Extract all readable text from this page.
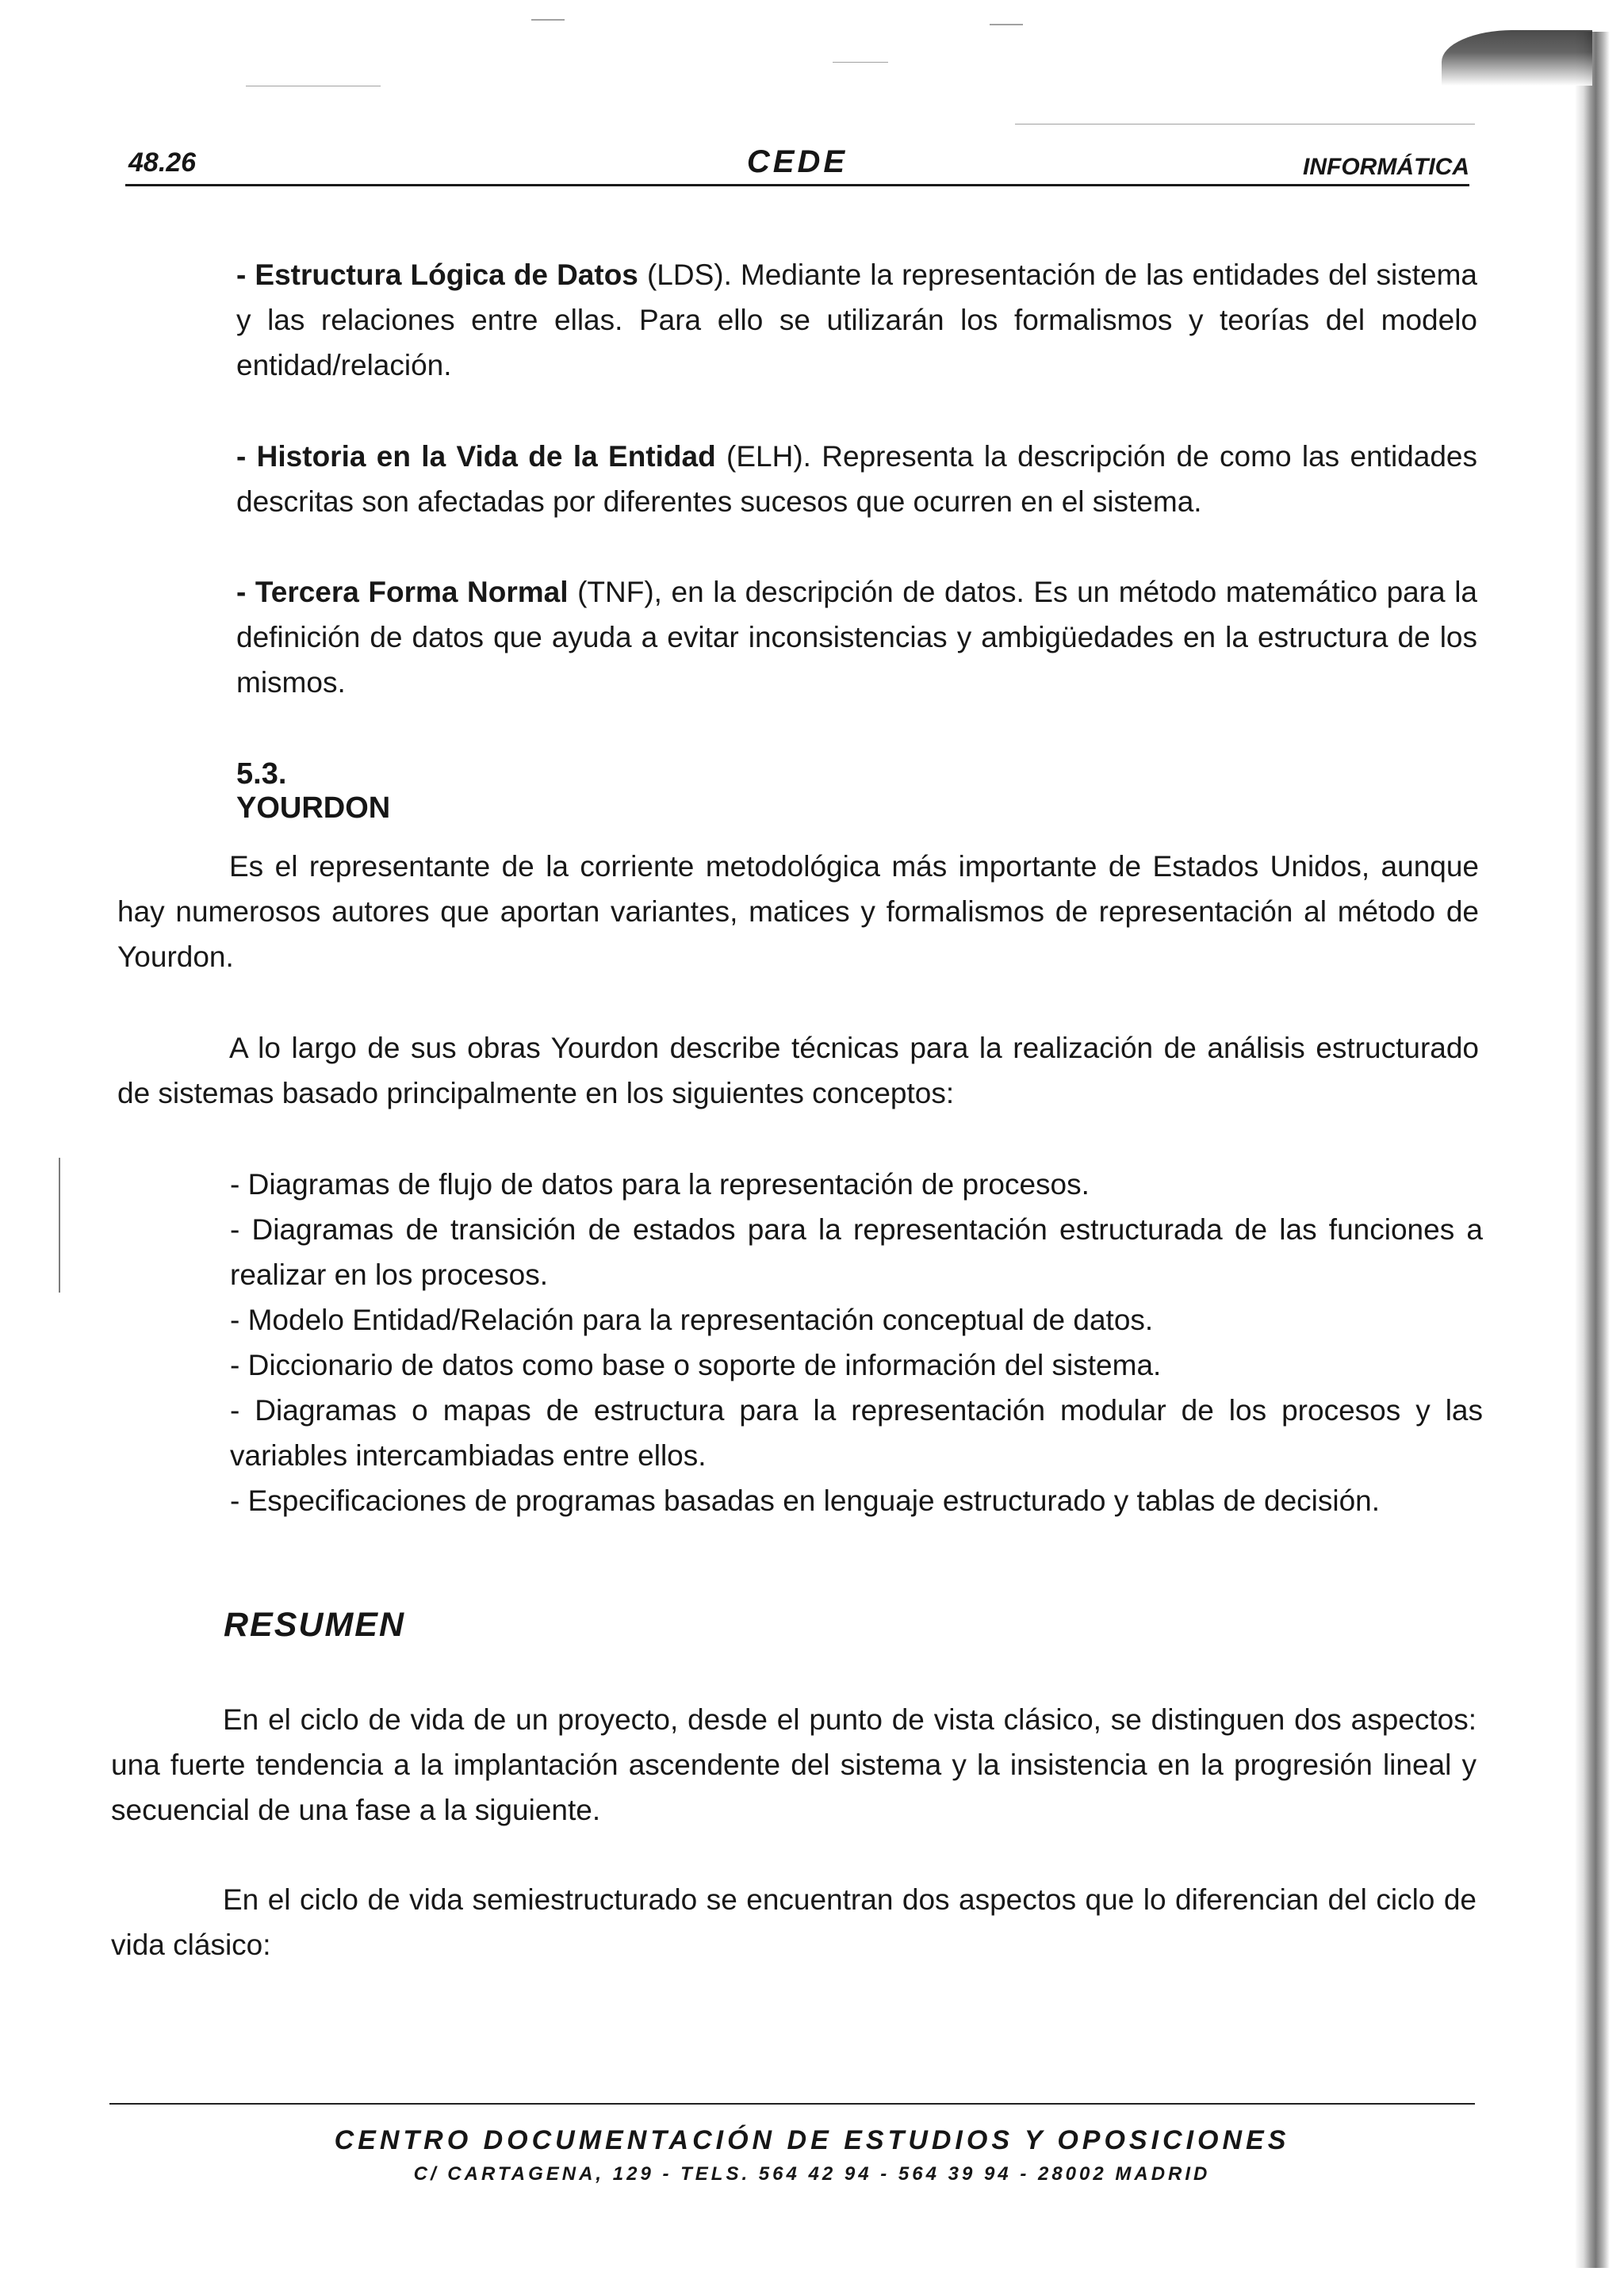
48.26	CEDE	INFORMÁTICA
- Estructura Lógica de Datos (LDS). Mediante la representación de las entidades del sistema y las relaciones entre ellas. Para ello se utilizarán los formalismos y teorías del modelo entidad/relación.
- Historia en la Vida de la Entidad (ELH). Representa la descripción de como las entidades descritas son afectadas por diferentes sucesos que ocurren en el sistema.
- Tercera Forma Normal (TNF), en la descripción de datos. Es un método matemático para la definición de datos que ayuda a evitar inconsistencias y ambigüedades en la estructura de los mismos.
5.3. YOURDON
Es el representante de la corriente metodológica más importante de Estados Unidos, aunque hay numerosos autores que aportan variantes, matices y formalismos de representación al método de Yourdon.
A lo largo de sus obras Yourdon describe técnicas para la realización de análisis estructurado de sistemas basado principalmente en los siguientes conceptos:

- Diagramas de flujo de datos para la representación de procesos.

- Diagramas de transición de estados para la representación estructurada de las funciones a realizar en los procesos.

- Modelo Entidad/Relación para la representación conceptual de datos.

- Diccionario de datos como base o soporte de información del sistema.

- Diagramas o mapas de estructura para la representación modular de los procesos y las variables intercambiadas entre ellos.

- Especificaciones de programas basadas en lenguaje estructurado y tablas de decisión.

RESUMEN
En el ciclo de vida de un proyecto, desde el punto de vista clásico, se distinguen dos aspectos: una fuerte tendencia a la implantación ascendente del sistema y la insistencia en la progresión lineal y secuencial de una fase a la siguiente.
En el ciclo de vida semiestructurado se encuentran dos aspectos que lo diferencian del ciclo de vida clásico:
CENTRO DOCUMENTACIÓN DE ESTUDIOS Y OPOSICIONES
C/ CARTAGENA, 129 - TELS. 564 42 94 - 564 39 94 - 28002 MADRID
